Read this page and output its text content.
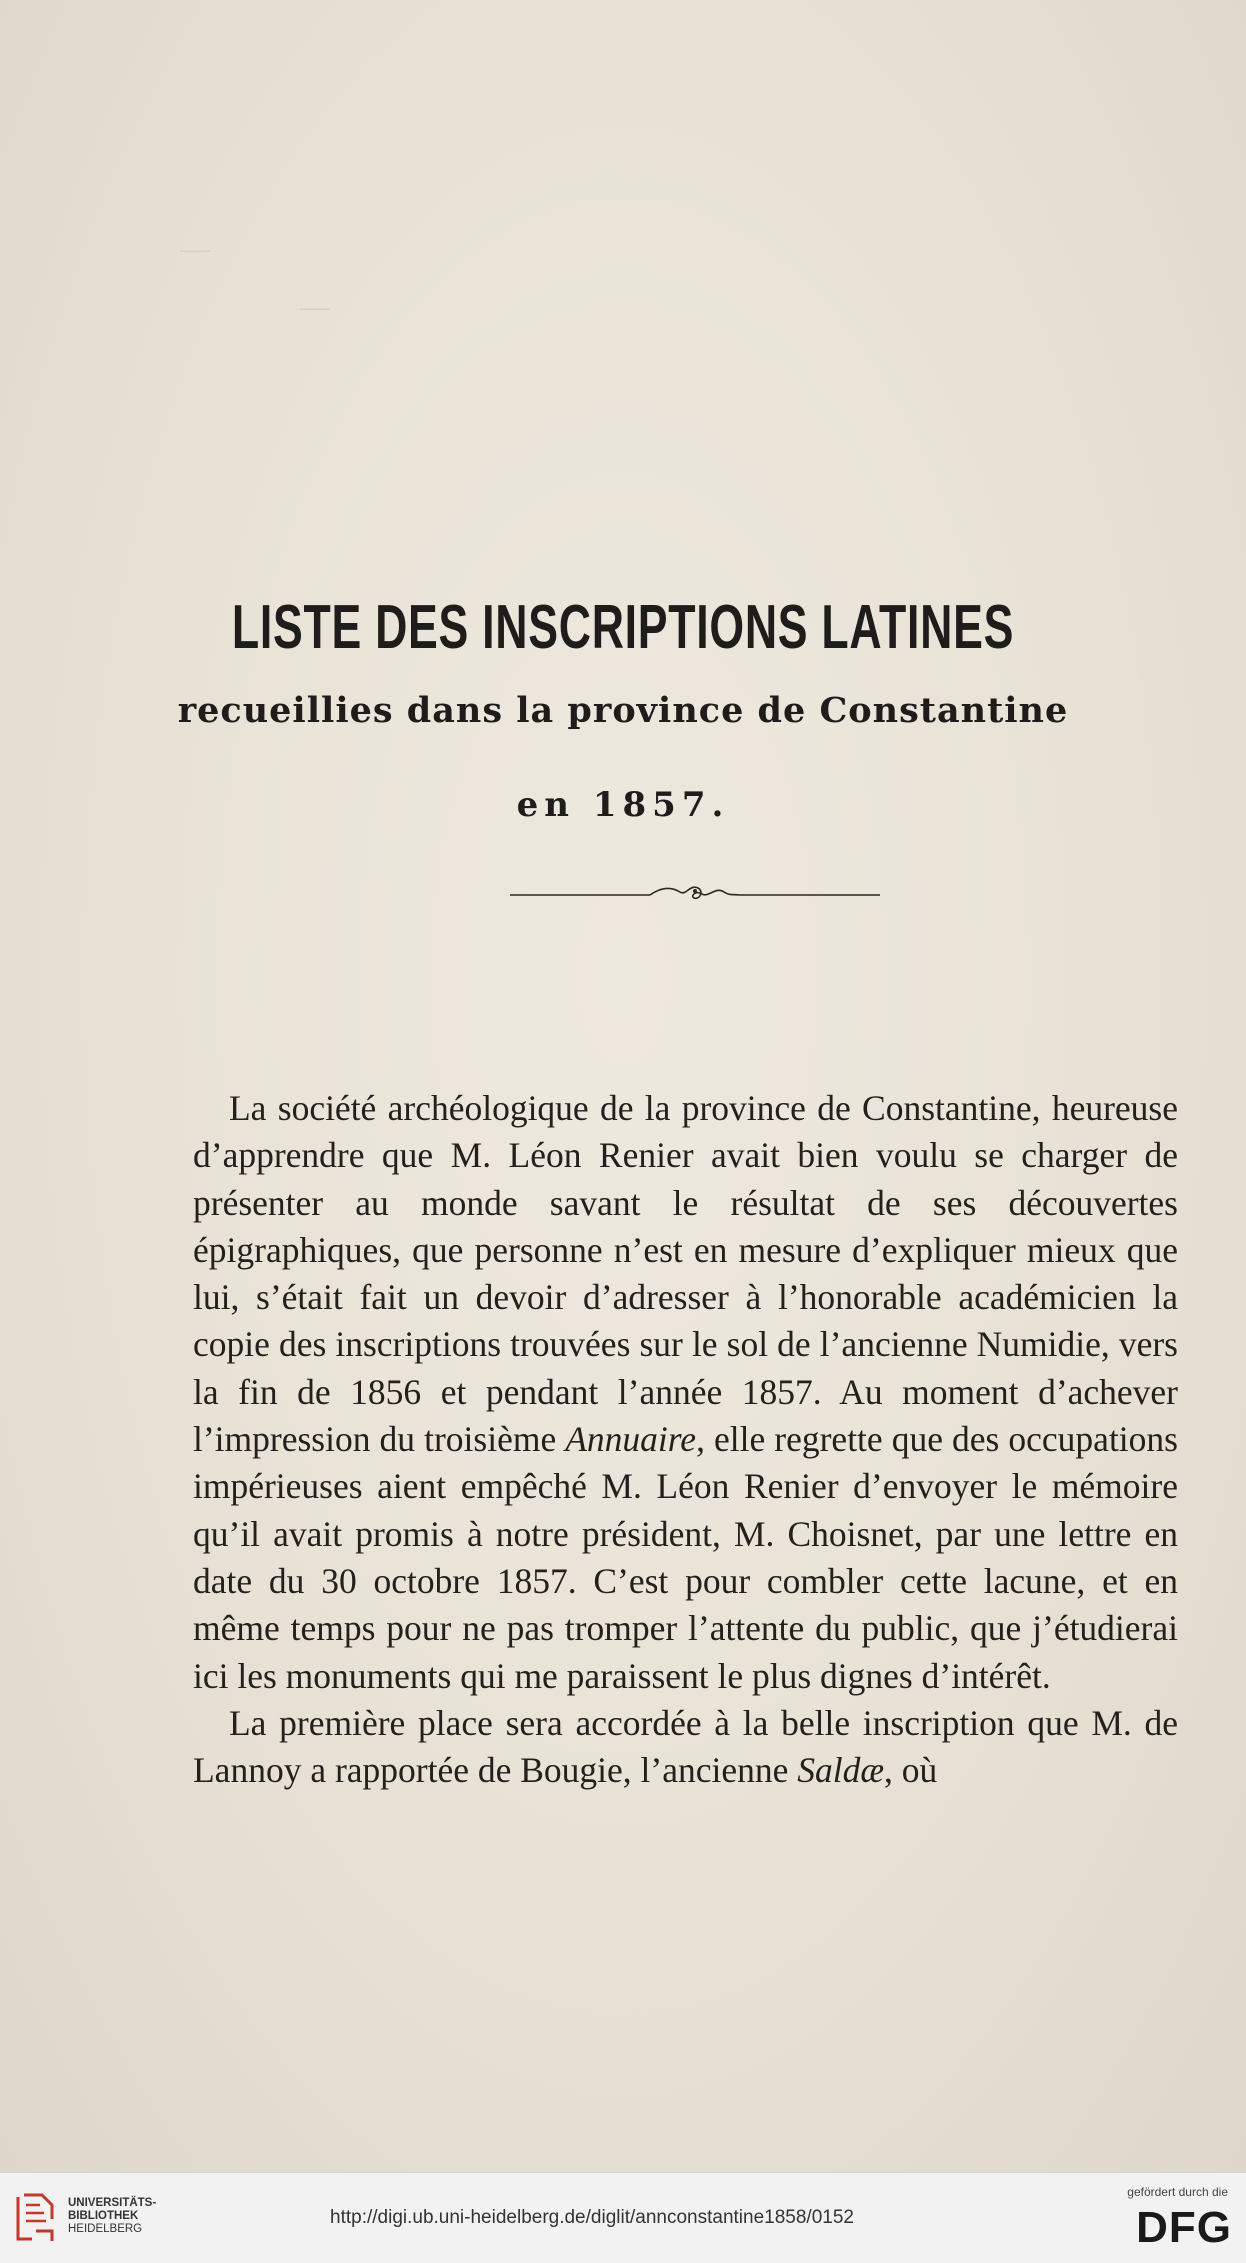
—
—
LISTE DES INSCRIPTIONS LATINES
recueillies dans la province de Constantine
en 1857.

La société archéologique de la province de Constantine, heureuse d’apprendre que M. Léon Renier avait bien voulu se charger de présenter au monde savant le résultat de ses découvertes épigraphiques, que personne n’est en mesure d’expliquer mieux que lui, s’était fait un devoir d’adresser à l’honorable académicien la copie des inscriptions trouvées sur le sol de l’ancienne Numidie, vers la fin de 1856 et pendant l’année 1857. Au moment d’achever l’impression du troisième Annuaire, elle regrette que des occupations impérieuses aient empêché M. Léon Renier d’envoyer le mémoire qu’il avait promis à notre président, M. Choisnet, par une lettre en date du 30 octobre 1857. C’est pour combler cette lacune, et en même temps pour ne pas tromper l’attente du public, que j’étudierai ici les monuments qui me paraissent le plus dignes d’intérêt.

La première place sera accordée à la belle inscription que M. de Lannoy a rapportée de Bougie, l’ancienne Saldæ, où

UNIVERSITÄTS-
BIBLIOTHEK
HEIDELBERG
http://digi.ub.uni-heidelberg.de/diglit/annconstantine1858/0152
gefördert durch die
DFG
